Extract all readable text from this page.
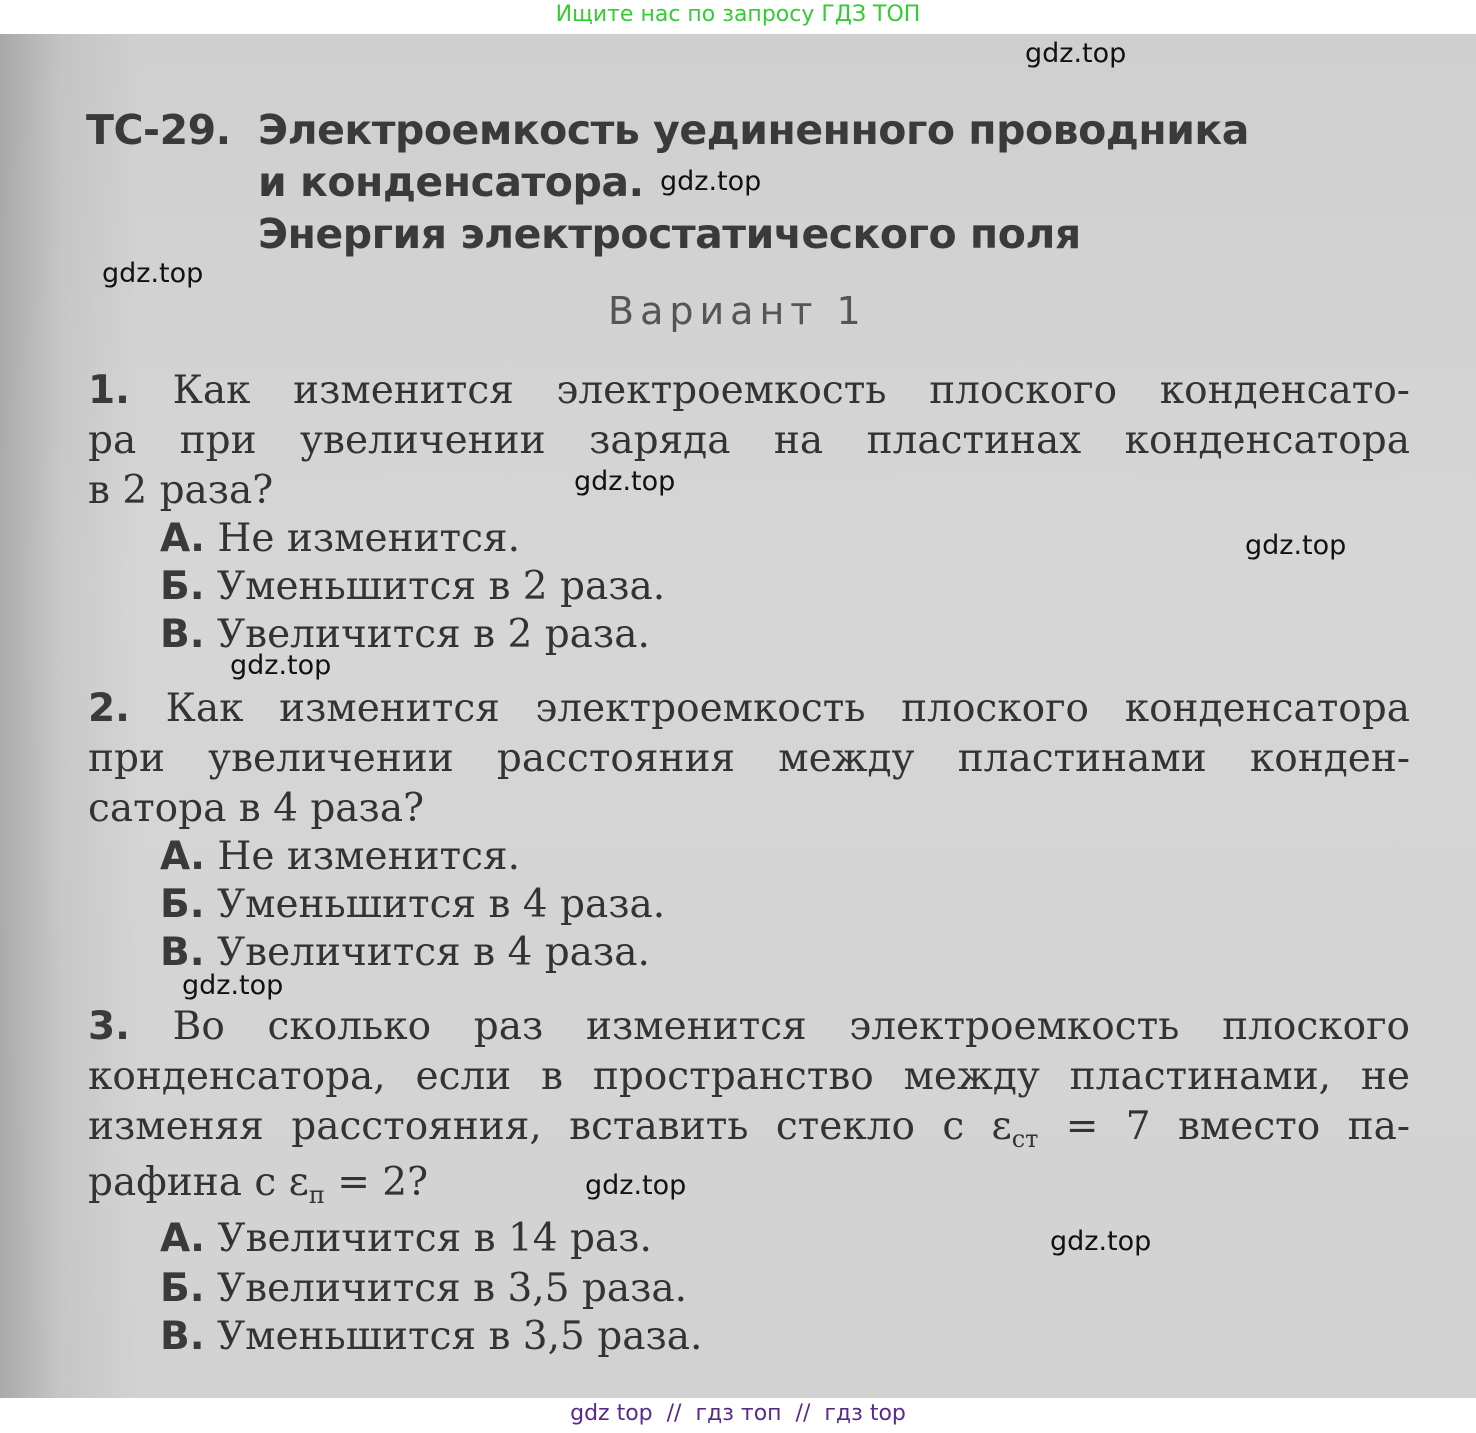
Ищите нас по запросу ГДЗ ТОП
ТС-29. Электроемкость уединенного проводника
и конденсатора.
Энергия электростатического поля
Вариант 1
1. Как изменится электроемкость плоского конденсато-
ра при увеличении заряда на пластинах конденсатора
в 2 раза?
А. Не изменится.
Б. Уменьшится в 2 раза.
В. Увеличится в 2 раза.
2. Как изменится электроемкость плоского конденсатора
при увеличении расстояния между пластинами конден-
сатора в 4 раза?
А. Не изменится.
Б. Уменьшится в 4 раза.
В. Увеличится в 4 раза.
3. Во сколько раз изменится электроемкость плоского
конденсатора, если в пространство между пластинами, не
изменяя расстояния, вставить стекло с $\varepsilon_{ст} = 7$ вместо па-
рафина с $\varepsilon_п = 2$?
А. Увеличится в 14 раз.
Б. Увеличится в 3,5 раза.
В. Уменьшится в 3,5 раза.
gdz.top
gdz.top
gdz.top
gdz.top
gdz.top
gdz.top
gdz.top
gdz.top
gdz.top
gdz top  //  гдз топ  //  гдз top
